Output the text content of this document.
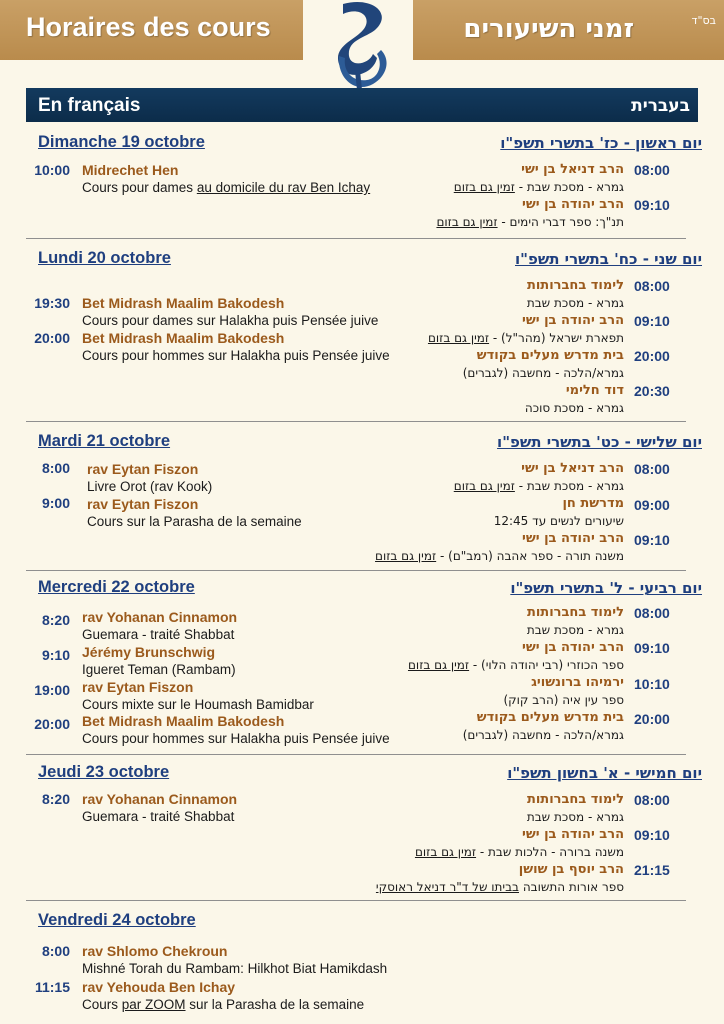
Horaires des cours	זמני השיעורים	בס"ד
En français	בעברית
Dimanche 19 octobre	יום ראשון - כז' בתשרי תשפ"ו
10:00 Midrechet Hen
Cours pour dames au domicile du rav Ben Ichay
08:00
הרב דניאל בן ישי
גמרא - מסכת שבת - זמין גם בזום
09:10
הרב יהודה בן ישי
תנ"ך: ספר דברי הימים - זמין גם בזום
Lundi 20 octobre	יום שני - כח' בתשרי תשפ"ו
19:30 Bet Midrash Maalim Bakodesh
Cours pour dames sur Halakha puis Pensée juive
20:00 Bet Midrash Maalim Bakodesh
Cours pour hommes sur Halakha puis Pensée juive
08:00
לימוד בחברותות
גמרא - מסכת שבת
09:10
הרב יהודה בן ישי
תפארת ישראל (מהר"ל) - זמין גם בזום
20:00
בית מדרש מעלים בקודש
גמרא/הלכה - מחשבה (לגברים)
20:30
דוד חלימי
גמרא - מסכת סוכה
Mardi 21 octobre	יום שלישי - כט' בתשרי תשפ"ו
8:00 rav Eytan Fiszon
Livre Orot (rav Kook)
9:00 rav Eytan Fiszon
Cours sur la Parasha de la semaine
08:00
הרב דניאל בן ישי
גמרא - מסכת שבת - זמין גם בזום
09:00
מדרשת חן
שיעורים לנשים עד 12:45
09:10
הרב יהודה בן ישי
משנה תורה - ספר אהבה (רמב"ם) - זמין גם בזום
Mercredi 22 octobre	יום רביעי - ל' בתשרי תשפ"ו
8:20 rav Yohanan Cinnamon
Guemara - traité Shabbat
9:10 Jérémy Brunschwig
Igueret Teman (Rambam)
19:00 rav Eytan Fiszon
Cours mixte sur le Houmash Bamidbar
20:00 Bet Midrash Maalim Bakodesh
Cours pour hommes sur Halakha puis Pensée juive
08:00
לימוד בחברותות
גמרא - מסכת שבת
09:10
הרב יהודה בן ישי
ספר הכוזרי (רבי יהודה הלוי) - זמין גם בזום
10:10
ירמיהו ברונשויג
ספר עין איה (הרב קוק)
20:00
בית מדרש מעלים בקודש
גמרא/הלכה - מחשבה (לגברים)
Jeudi 23 octobre	יום חמישי - א' בחשון תשפ"ו
8:20 rav Yohanan Cinnamon
Guemara - traité Shabbat
08:00
לימוד בחברותות
גמרא - מסכת שבת
09:10
הרב יהודה בן ישי
משנה ברורה - הלכות שבת - זמין גם בזום
21:15
הרב יוסף בן שושן
ספר אורות התשובה בביתו של ד"ר דניאל ראוסקי
Vendredi 24 octobre
8:00 rav Shlomo Chekroun
Mishné Torah du Rambam: Hilkhot Biat Hamikdash
11:15 rav Yehouda Ben Ichay
Cours par ZOOM sur la Parasha de la semaine
